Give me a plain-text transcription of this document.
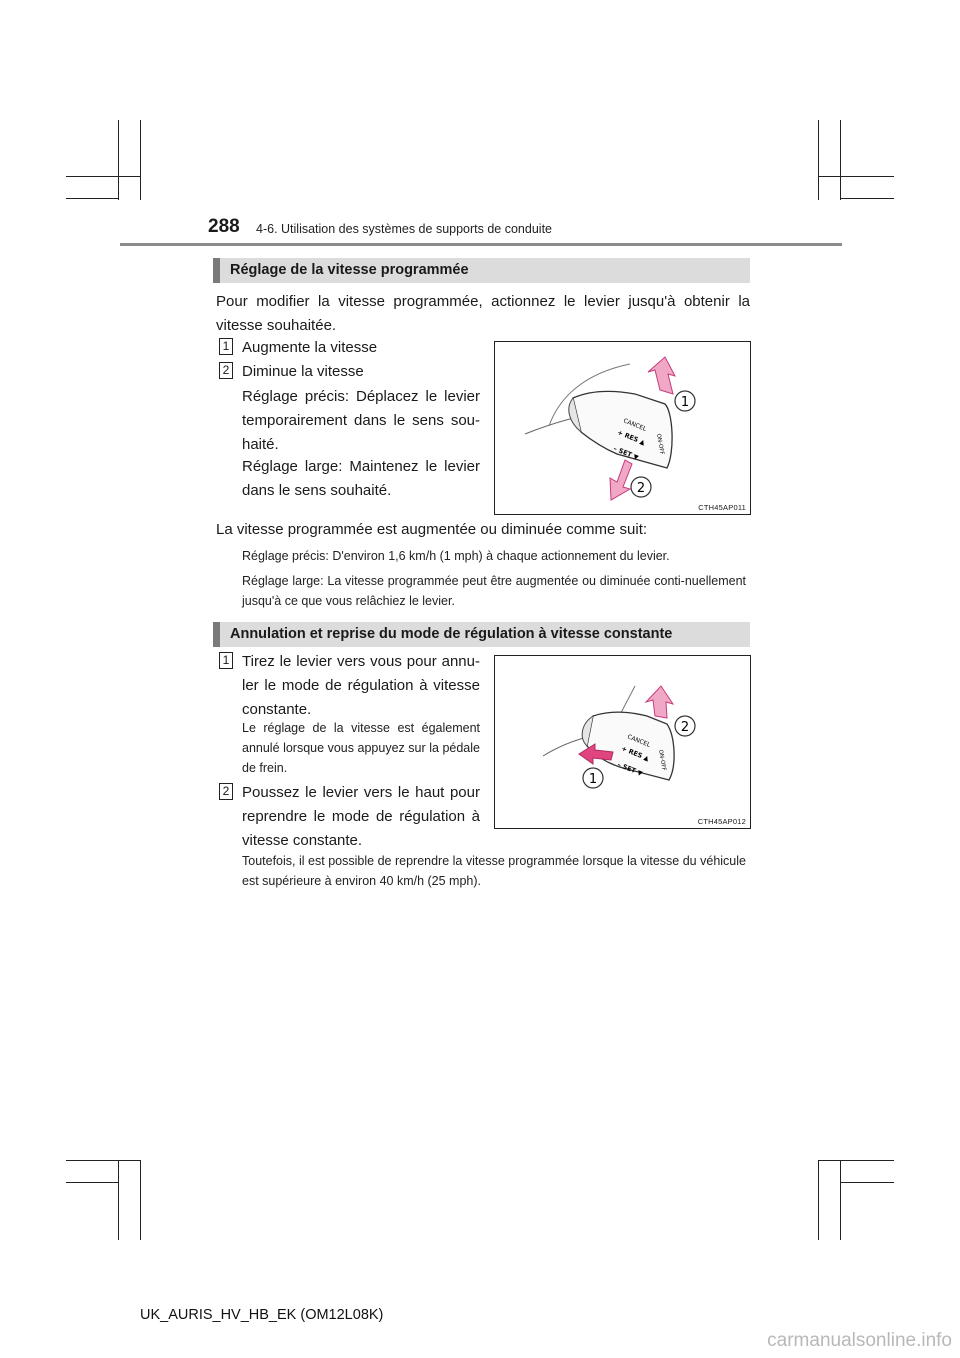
288 4-6. Utilisation des systèmes de supports de conduite
Réglage de la vitesse programmée
Pour modifier la vitesse programmée, actionnez le levier jusqu'à obtenir la vitesse souhaitée.
1 Augmente la vitesse
2 Diminue la vitesse
Réglage précis: Déplacez le levier temporairement dans le sens sou-haité.
Réglage large: Maintenez le levier dans le sens souhaité.
CANCEL
+ RES ▲
– SET ▼	ON-OFF
1
2
CTH45AP011
La vitesse programmée est augmentée ou diminuée comme suit:
Réglage précis: D'environ 1,6 km/h (1 mph) à chaque actionnement du levier.
Réglage large: La vitesse programmée peut être augmentée ou diminuée conti-nuellement jusqu'à ce que vous relâchiez le levier.
Annulation et reprise du mode de régulation à vitesse constante
1 Tirez le levier vers vous pour annu-ler le mode de régulation à vitesse constante.
Le réglage de la vitesse est également annulé lorsque vous appuyez sur la pédale de frein.
2 Poussez le levier vers le haut pour reprendre le mode de régulation à vitesse constante.
CANCEL
+ RES ▲
– SET ▼ ON-OFF
2
1
CTH45AP012
Toutefois, il est possible de reprendre la vitesse programmée lorsque la vitesse du véhicule est supérieure à environ 40 km/h (25 mph).
UK_AURIS_HV_HB_EK (OM12L08K)
carmanualsonline.info
